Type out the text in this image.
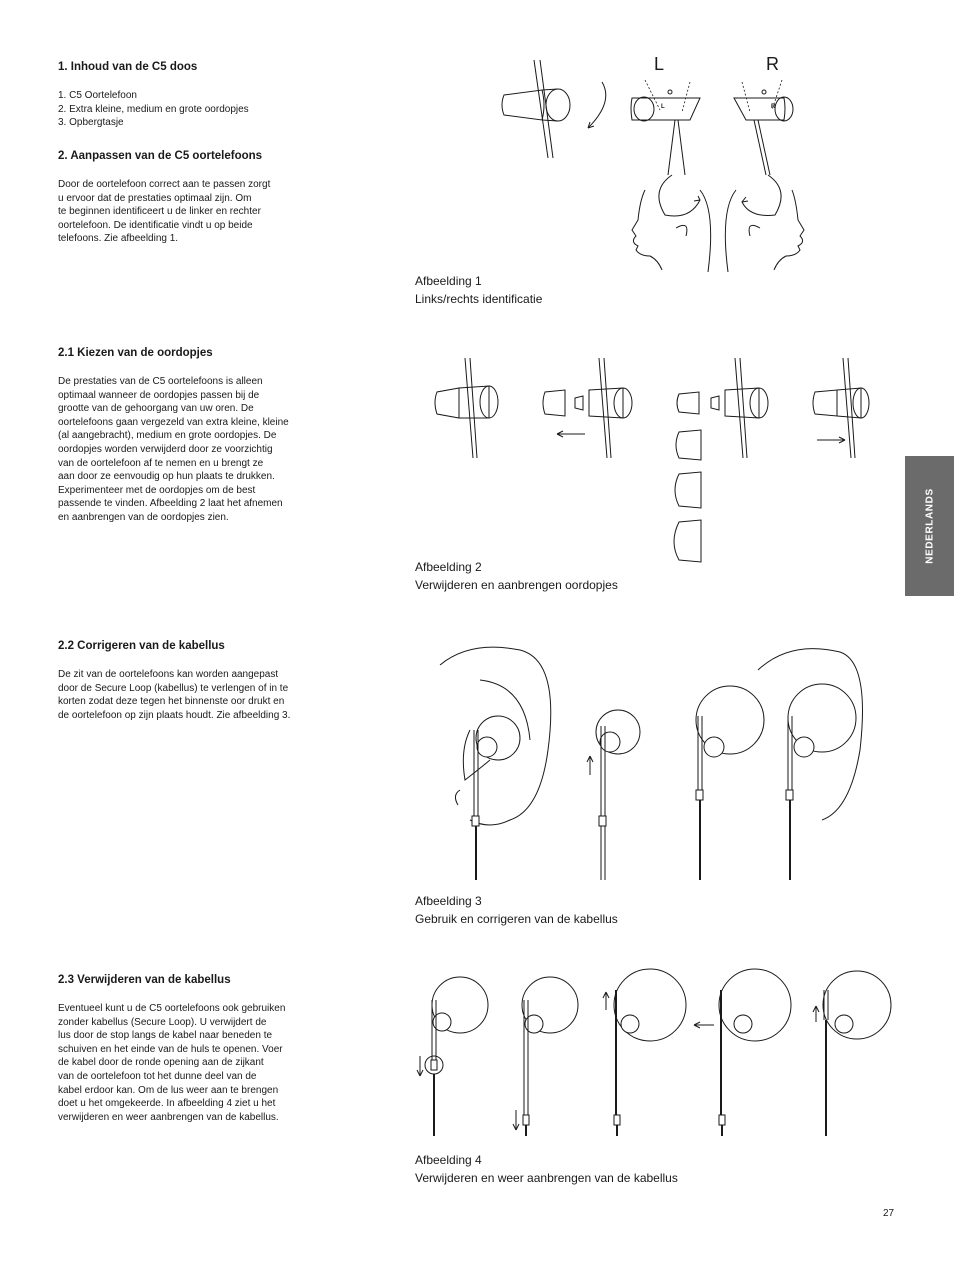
1. Inhoud van de C5 doos
1. C5 Oortelefoon
2. Extra kleine, medium en grote oordopjes
3. Opbergtasje
2. Aanpassen van de C5 oortelefoons
Door de oortelefoon correct aan te passen zorgt
u ervoor dat de prestaties optimaal zijn. Om
te beginnen identificeert u de linker en rechter
oortelefoon. De identificatie vindt u op beide
telefoons. Zie afbeelding 1.
2.1 Kiezen van de oordopjes
De prestaties van de C5 oortelefoons is alleen
optimaal wanneer de oordopjes passen bij de
grootte van de gehoorgang van uw oren. De
oortelefoons gaan vergezeld van extra kleine, kleine
(al aangebracht), medium en grote oordopjes. De
oordopjes worden verwijderd door ze voorzichtig
van de oortelefoon af te nemen en u brengt ze
aan door ze eenvoudig op hun plaats te drukken.
Experimenteer met de oordopjes om de best
passende te vinden. Afbeelding 2 laat het afnemen
en aanbrengen van de oordopjes zien.
2.2 Corrigeren van de kabellus
De zit van de oortelefoons kan worden aangepast
door de Secure Loop (kabellus) te verlengen of in te
korten zodat deze tegen het binnenste oor drukt en
de oortelefoon op zijn plaats houdt. Zie afbeelding 3.
2.3 Verwijderen van de kabellus
Eventueel kunt u de C5 oortelefoons ook gebruiken
zonder kabellus (Secure Loop). U verwijdert de
lus door de stop langs de kabel naar beneden te
schuiven en het einde van de huls te openen. Voer
de kabel door de ronde opening aan de zijkant
van de oortelefoon tot het dunne deel van de
kabel erdoor kan. Om de lus weer aan te brengen
doet u het omgekeerde. In afbeelding 4 ziet u het
verwijderen en weer aanbrengen van de kabellus.
L
L
R
R
Afbeelding 1
Links/rechts identificatie
Afbeelding 2
Verwijderen en aanbrengen oordopjes
Afbeelding 3
Gebruik en corrigeren van de kabellus
Afbeelding 4
Verwijderen en weer aanbrengen van de kabellus
NEDERLANDS
27
